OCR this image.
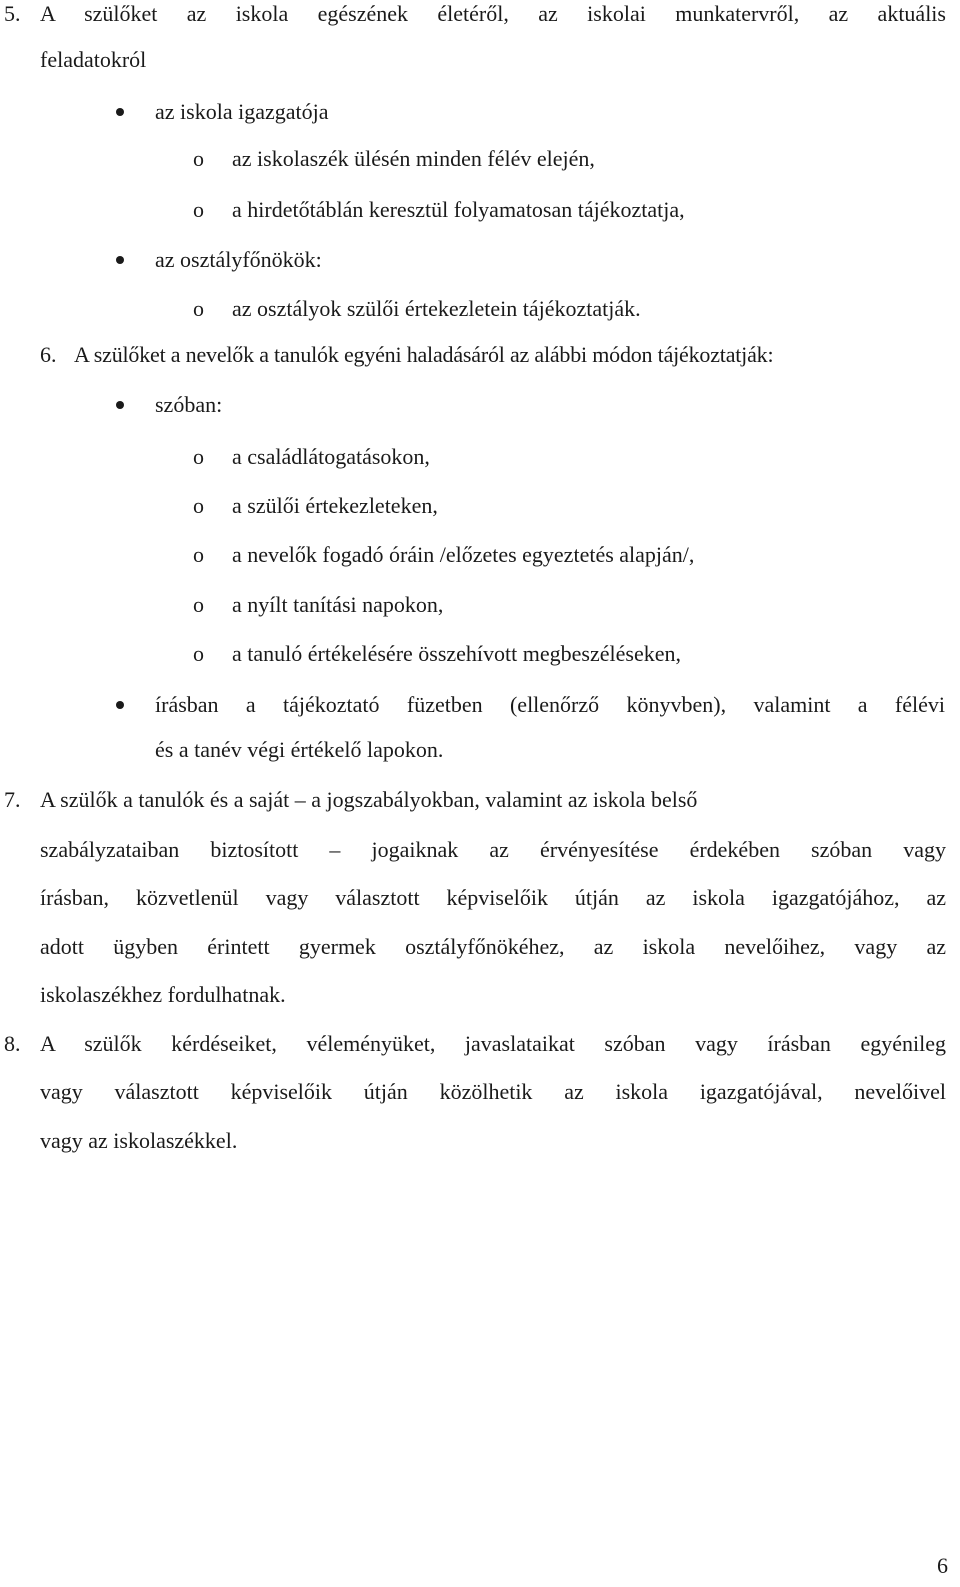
5. A szülőket az iskola egészének életéről, az iskolai munkatervről, az aktuális
feladatokról
az iskola igazgatója
o az iskolaszék ülésén minden félév elején,
o a hirdetőtáblán keresztül folyamatosan tájékoztatja,
az osztályfőnökök:
o az osztályok szülői értekezletein tájékoztatják.
6. A szülőket a nevelők a tanulók egyéni haladásáról az alábbi módon tájékoztatják:
szóban:
o a családlátogatásokon,
o a szülői értekezleteken,
o a nevelők fogadó óráin /előzetes egyeztetés alapján/,
o a nyílt tanítási napokon,
o a tanuló értékelésére összehívott megbeszéléseken,
írásban a tájékoztató füzetben (ellenőrző könyvben), valamint a félévi
és a tanév végi értékelő lapokon.
7. A szülők a tanulók és a saját – a jogszabályokban, valamint az iskola belső
szabályzataiban biztosított – jogaiknak az érvényesítése érdekében szóban vagy
írásban, közvetlenül vagy választott képviselőik útján az iskola igazgatójához, az
adott ügyben érintett gyermek osztályfőnökéhez, az iskola nevelőihez, vagy az
iskolaszékhez fordulhatnak.
8. A szülők kérdéseiket, véleményüket, javaslataikat szóban vagy írásban egyénileg
vagy választott képviselőik útján közölhetik az iskola igazgatójával, nevelőivel
vagy az iskolaszékkel.
6
